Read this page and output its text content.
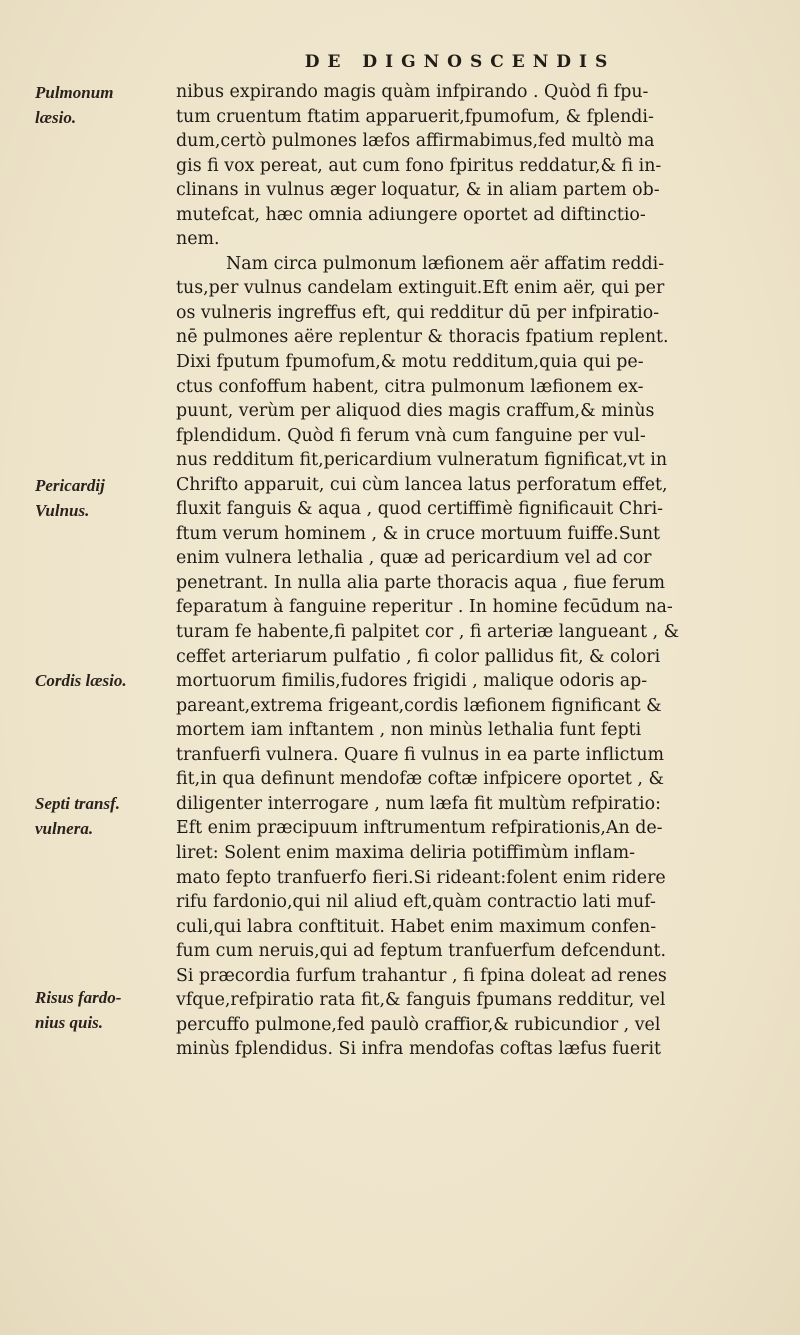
DE DIGNOSCENDIS
Pulmonum
læsio.
Pericardij
Vulnus.
Cordis læsio.
Septi transf.
vulnera.
Risus fardo-
nius quis.
nibus expirando magis quàm infpirando . Quòd fi fpu-
tum cruentum ftatim apparuerit,fpumofum, & fplendi-
dum,certò pulmones læfos affirmabimus,fed multò ma
gis fi vox pereat, aut cum fono fpiritus reddatur,& fi in-
clinans in vulnus æger loquatur, & in aliam partem ob-
mutefcat, hæc omnia adiungere oportet ad diftinctio-
nem.
Nam circa pulmonum læfionem aër affatim reddi-
tus,per vulnus candelam extinguit.Eft enim aër, qui per
os vulneris ingreffus eft, qui redditur dū per infpiratio-
nē pulmones aëre replentur & thoracis fpatium replent.
Dixi fputum fpumofum,& motu redditum,quia qui pe-
ctus confoffum habent, citra pulmonum læfionem ex-
puunt, verùm per aliquod dies magis craffum,& minùs
fplendidum. Quòd fi ferum vnà cum fanguine per vul-
nus redditum fit,pericardium vulneratum fignificat,vt in
Chrifto apparuit, cui cùm lancea latus perforatum effet,
fluxit fanguis & aqua , quod certiffimè fignificauit Chri-
ftum verum hominem , & in cruce mortuum fuiffe.Sunt
enim vulnera lethalia , quæ ad pericardium vel ad cor
penetrant. In nulla alia parte thoracis aqua , fiue ferum
feparatum à fanguine reperitur . In homine fecūdum na-
turam fe habente,fi palpitet cor , fi arteriæ langueant , &
ceffet arteriarum pulfatio , fi color pallidus fit, & colori
mortuorum fimilis,fudores frigidi , malique odoris ap-
pareant,extrema frigeant,cordis læfionem fignificant &
mortem iam inftantem , non minùs lethalia funt fepti
tranfuerfi vulnera. Quare fi vulnus in ea parte inflictum
fit,in qua definunt mendofæ coftæ infpicere oportet , &
diligenter interrogare , num læfa fit multùm refpiratio:
Eft enim præcipuum inftrumentum refpirationis,An de-
liret: Solent enim maxima deliria potiffimùm inflam-
mato fepto tranfuerfo fieri.Si rideant:folent enim ridere
rifu fardonio,qui nil aliud eft,quàm contractio lati muf-
culi,qui labra conftituit. Habet enim maximum confen-
fum cum neruis,qui ad feptum tranfuerfum defcendunt.
Si præcordia furfum trahantur , fi fpina doleat ad renes
vfque,refpiratio rata fit,& fanguis fpumans redditur, vel
percuffo pulmone,fed paulò craffior,& rubicundior , vel
minùs fplendidus. Si infra mendofas coftas læfus fuerit
